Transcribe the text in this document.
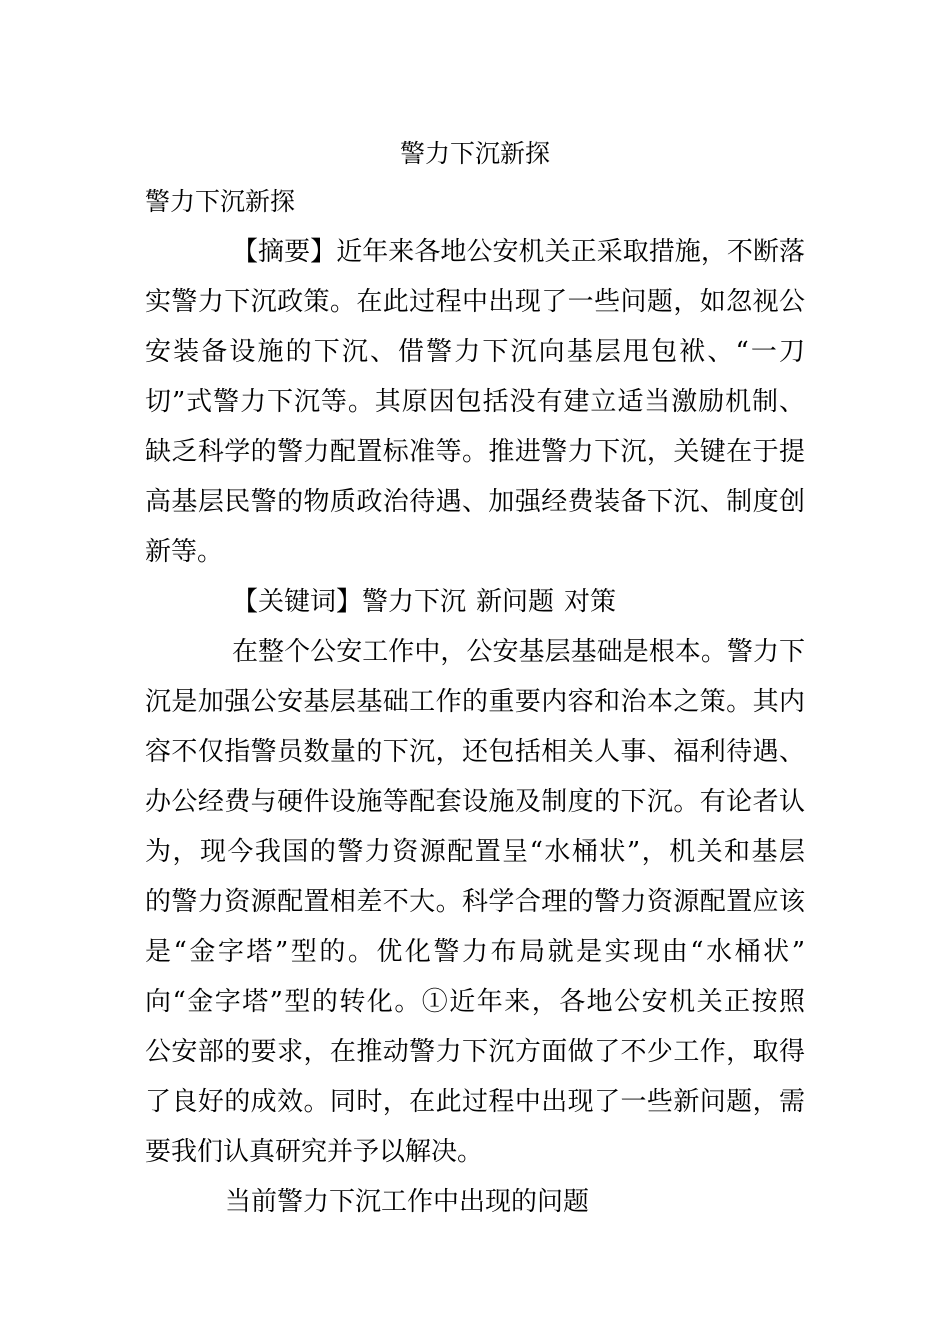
警力下沉新探

警力下沉新探

【摘要】近年来各地公安机关正采取措施，不断落

实警力下沉政策。在此过程中出现了一些问题，如忽视公

安装备设施的下沉、借警力下沉向基层甩包袱、“一刀

切”式警力下沉等。其原因包括没有建立适当激励机制、

缺乏科学的警力配置标准等。推进警力下沉，关键在于提

高基层民警的物质政治待遇、加强经费装备下沉、制度创

新等。

【关键词】警力下沉 新问题 对策

在整个公安工作中，公安基层基础是根本。警力下

沉是加强公安基层基础工作的重要内容和治本之策。其内

容不仅指警员数量的下沉，还包括相关人事、福利待遇、

办公经费与硬件设施等配套设施及制度的下沉。有论者认

为，现今我国的警力资源配置呈“水桶状”，机关和基层

的警力资源配置相差不大。科学合理的警力资源配置应该

是“金字塔”型的。优化警力布局就是实现由“水桶状”

向“金字塔”型的转化。①近年来，各地公安机关正按照

公安部的要求，在推动警力下沉方面做了不少工作，取得

了良好的成效。同时，在此过程中出现了一些新问题，需

要我们认真研究并予以解决。

当前警力下沉工作中出现的问题
